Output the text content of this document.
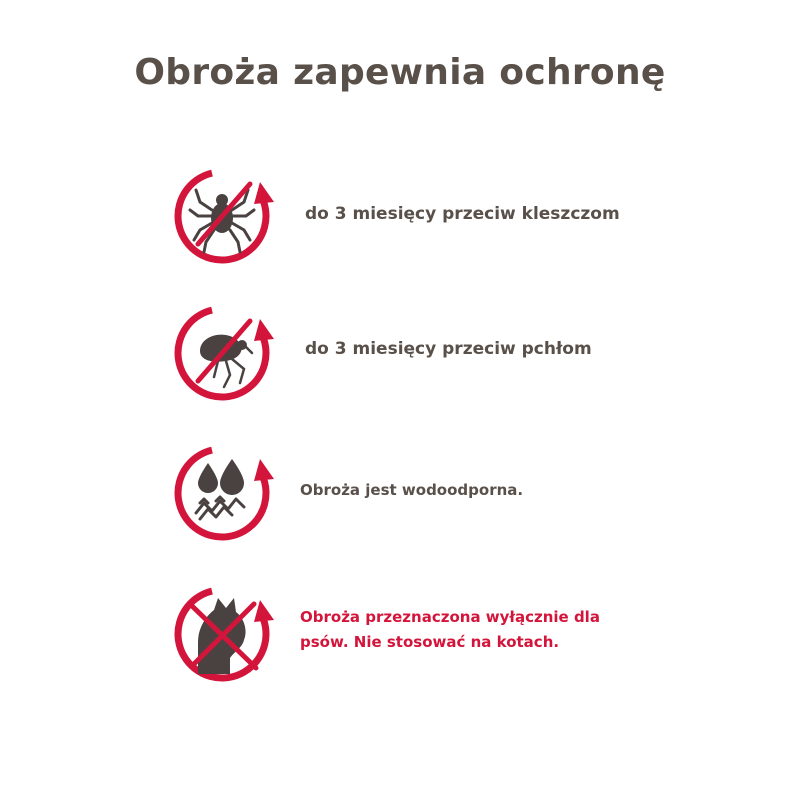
Obroża zapewnia ochronę
do 3 miesięcy przeciw kleszczom
do 3 miesięcy przeciw pchłom
Obroża jest wodoodporna.
Obroża przeznaczona wyłącznie dla psów. Nie stosować na kotach.
